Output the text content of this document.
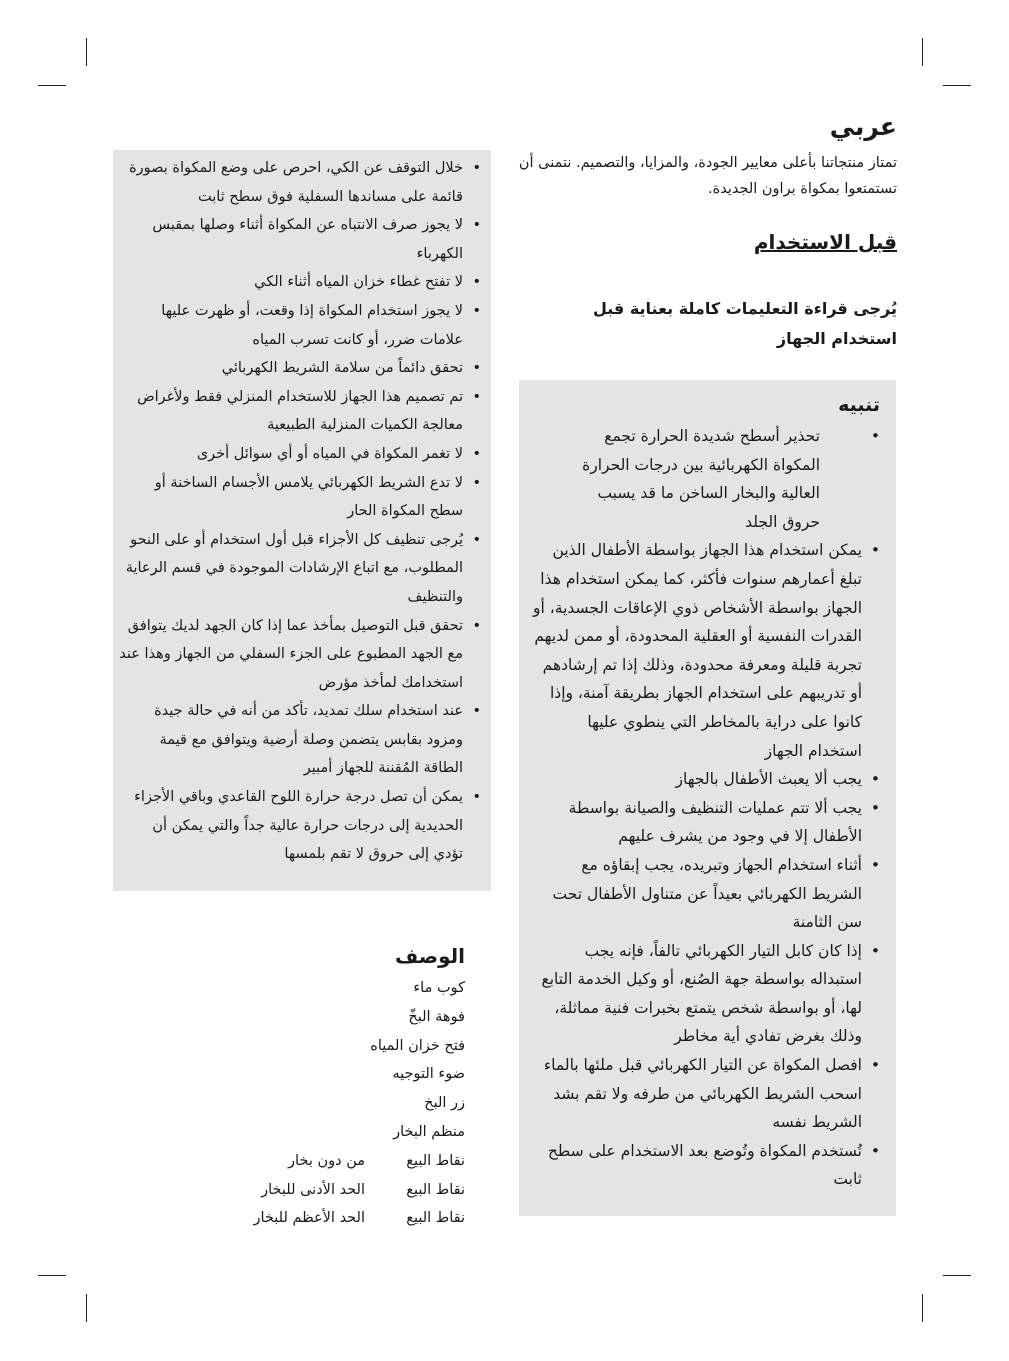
عربي
تمتاز منتجاتنا بأعلى معايير الجودة، والمزايا، والتصميم. نتمنى أن تستمتعوا بمكواة براون الجديدة.
قبل الاستخدام
يُرجى قراءة التعليمات كاملة بعناية قبل استخدام الجهاز
تنبيه
• تحذير أسطح شديدة الحرارة تجمع المكواة الكهربائية بين درجات الحرارة العالية والبخار الساخن ما قد يسبب حروق الجلد
• يمكن استخدام هذا الجهاز بواسطة الأطفال الذين تبلغ أعمارهم سنوات فأكثر، كما يمكن استخدام هذا الجهاز بواسطة الأشخاص ذوي الإعاقات الجسدية، أو القدرات النفسية أو العقلية المحدودة، أو ممن لديهم تجربة قليلة ومعرفة محدودة، وذلك إذا تم إرشادهم أو تدريبهم على استخدام الجهاز بطريقة آمنة، وإذا كانوا على دراية بالمخاطر التي ينطوي عليها استخدام الجهاز
• يجب ألا يعبث الأطفال بالجهاز
• يجب ألا تتم عمليات التنظيف والصيانة بواسطة الأطفال إلا في وجود من يشرف عليهم
• أثناء استخدام الجهاز وتبريده، يجب إبقاؤه مع الشريط الكهربائي بعيداً عن متناول الأطفال تحت سن الثامنة
• إذا كان كابل التيار الكهربائي تالفاً، فإنه يجب استبداله بواسطة جهة الصُنع، أو وكيل الخدمة التابع لها، أو بواسطة شخص يتمتع بخبرات فنية مماثلة، وذلك بغرض تفادي أية مخاطر
• افصل المكواة عن التيار الكهربائي قبل ملئها بالماء اسحب الشريط الكهربائي من طرفه ولا تقم بشد الشريط نفسه
• تُستخدم المكواة وتُوضع بعد الاستخدام على سطح ثابت
• خلال التوقف عن الكي، احرص على وضع المكواة بصورة قائمة على مساندها السفلية فوق سطح ثابت
• لا يجوز صرف الانتباه عن المكواة أثناء وصلها بمقبس الكهرباء
• لا تفتح غطاء خزان المياه أثناء الكي
• لا يجوز استخدام المكواة إذا وقعت، أو ظهرت عليها علامات ضرر، أو كانت تسرب المياه
• تحقق دائماً من سلامة الشريط الكهربائي
• تم تصميم هذا الجهاز للاستخدام المنزلي فقط ولأغراض معالجة الكميات المنزلية الطبيعية
• لا تغمر المكواة في المياه أو أي سوائل أخرى
• لا تدع الشريط الكهربائي يلامس الأجسام الساخنة أو سطح المكواة الحار
• يُرجى تنظيف كل الأجزاء قبل أول استخدام أو على النحو المطلوب، مع اتباع الإرشادات الموجودة في قسم الرعاية والتنظيف
• تحقق قبل التوصيل بمأخذ عما إذا كان الجهد لديك يتوافق مع الجهد المطبوع على الجزء السفلي من الجهاز وهذا عند استخدامك لمأخذ مؤرض
• عند استخدام سلك تمديد، تأكد من أنه في حالة جيدة ومزود بقابس يتضمن وصلة أرضية ويتوافق مع قيمة الطاقة المُقننة للجهاز أمبير
• يمكن أن تصل درجة حرارة اللوح القاعدي وباقي الأجزاء الحديدية إلى درجات حرارة عالية جداً والتي يمكن أن تؤدي إلى حروق لا تقم بلمسها
الوصف
كوب ماء
فوهة البخّ
فتح خزان المياه
ضوء التوجيه
زر البخ
منظم البخار
نقاط البيع
من دون بخار
نقاط البيع
الحد الأدنى للبخار
نقاط البيع
الحد الأعظم للبخار
